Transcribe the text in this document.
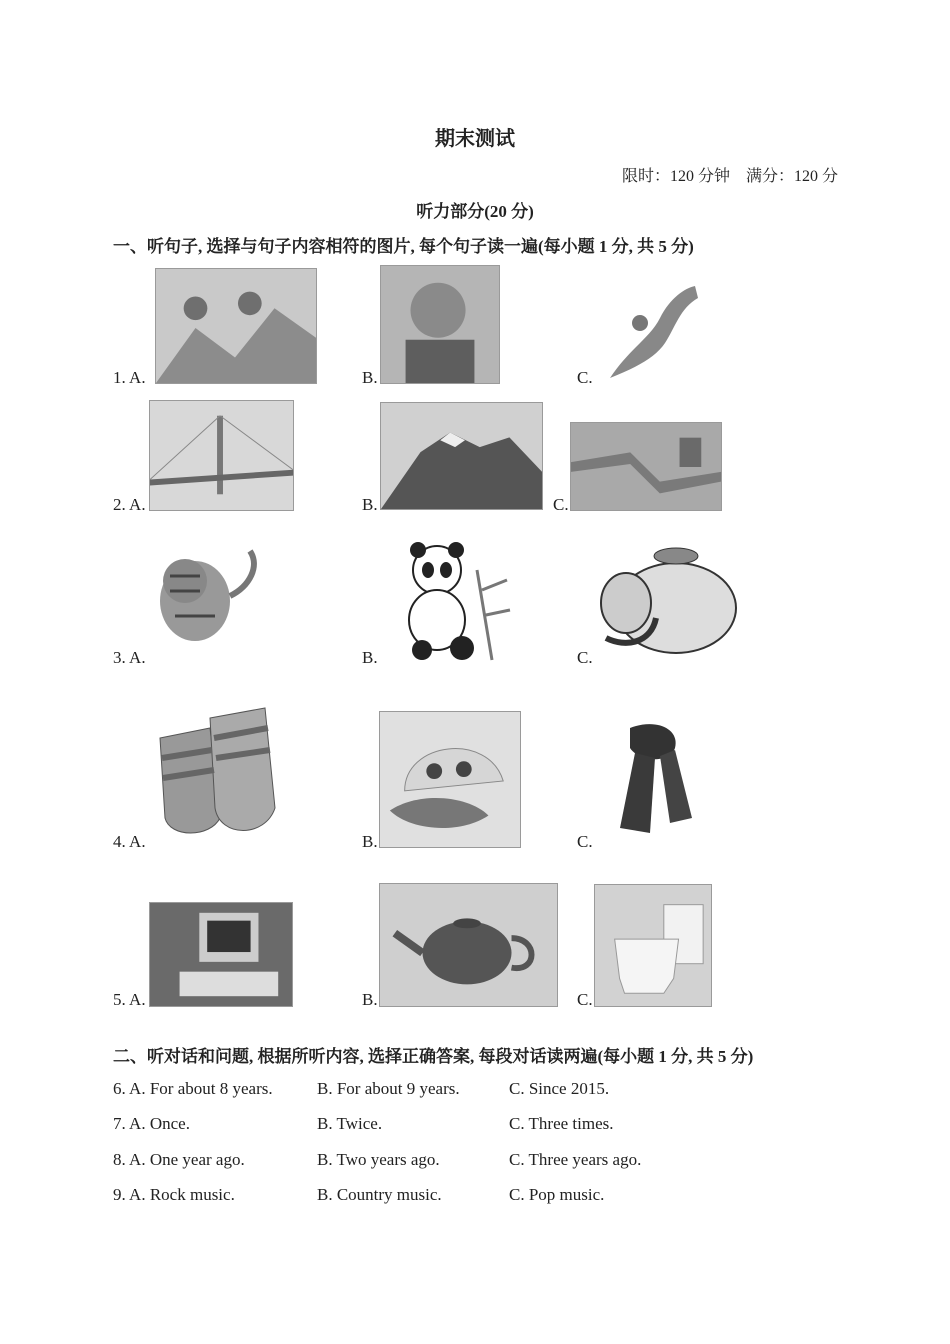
期末测试
限时：120 分钟　满分：120 分
听力部分(20 分)
一、听句子, 选择与句子内容相符的图片, 每个句子读一遍(每小题 1 分, 共 5 分)
1. A.	B.	C.
2. A.	B.	C.
3. A.	B.	C.
4. A.	B.	C.
5. A.	B.	C.
二、听对话和问题, 根据所听内容, 选择正确答案, 每段对话读两遍(每小题 1 分, 共 5 分)
6. A. For about 8 years.	B. For about 9 years.	C. Since 2015.
7. A. Once.	B. Twice.	C. Three times.
8. A. One year ago.	B. Two years ago.	C. Three years ago.
9. A. Rock music.	B. Country music.	C. Pop music.
